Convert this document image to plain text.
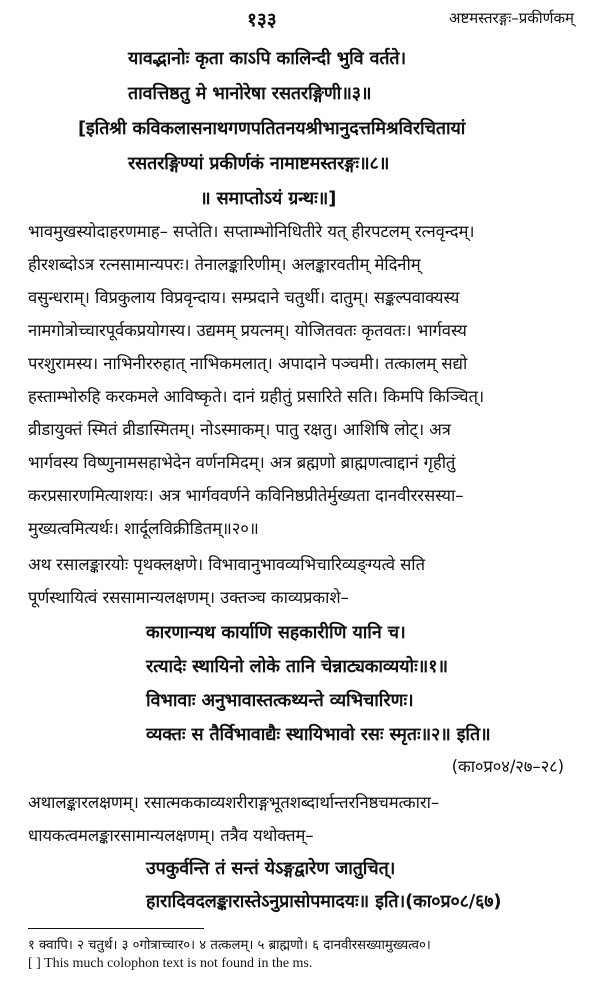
१३३	अष्टमस्तरङ्गः–प्रकीर्णकम्
यावद्भानोः कृता काऽपि कालिन्दी भुवि वर्तते।
तावत्तिष्ठतु मे भानोरेषा रसतरङ्गिणी॥३॥
[इतिश्री कविकलासनाथगणपतितनयश्रीभानुदत्तमिश्रविरचितायां
रसतरङ्गिण्यां प्रकीर्णकं नामाष्टमस्तरङ्गः॥८॥
॥ समाप्तोऽयं ग्रन्थः॥]
भावमुखस्योदाहरणमाह– सप्तेति। सप्ताम्भोनिधितीरे यत् हीरपटलम् रत्नवृन्दम्।
हीरशब्दोऽत्र रत्नसामान्यपरः। तेनालङ्कारिणीम्। अलङ्कारवतीम् मेदिनीम्
वसुन्धराम्। विप्रकुलाय विप्रवृन्दाय। सम्प्रदाने चतुर्थी। दातुम्। सङ्कल्पवाक्यस्य
नामगोत्रोच्चारपूर्वकप्रयोगस्य। उद्यमम् प्रयत्नम्। योजितवतः कृतवतः। भार्गवस्य
परशुरामस्य। नाभिनीररुहात् नाभिकमलात्। अपादाने पञ्चमी। तत्कालम् सद्यो
हस्ताम्भोरुहि करकमले आविष्कृते। दानं ग्रहीतुं प्रसारिते सति। किमपि किञ्चित्।
व्रीडायुक्तं स्मितं व्रीडास्मितम्। नोऽस्माकम्। पातु रक्षतु। आशिषि लोट्। अत्र
भार्गवस्य विष्णुनामसहाभेदेन वर्णनमिदम्। अत्र ब्रह्मणो ब्राह्मणत्वाद्दानं गृहीतुं
करप्रसारणमित्याशयः। अत्र भार्गववर्णने कविनिष्ठप्रीतेर्मुख्यता दानवीररसस्या–
मुख्यत्वमित्यर्थः। शार्दूलविक्रीडितम्॥२०॥
अथ रसालङ्कारयोः पृथक्लक्षणे। विभावानुभावव्यभिचारिव्यङ्ग्यत्वे सति
पूर्णस्थायित्वं रससामान्यलक्षणम्। उक्तञ्च काव्यप्रकाशे–
कारणान्यथ कार्याणि सहकारीणि यानि च।
रत्यादेः स्थायिनो लोके तानि चेन्नाट्यकाव्ययोः॥१॥
विभावाः अनुभावास्तत्कथ्यन्ते व्यभिचारिणः।
व्यक्तः स तैर्विभावाद्यैः स्थायिभावो रसः स्मृतः॥२॥ इति॥
(का०प्र०४/२७–२८)
अथालङ्कारलक्षणम्। रसात्मककाव्यशरीराङ्गभूतशब्दार्थान्तरनिष्ठचमत्कारा–
धायकत्वमलङ्कारसामान्यलक्षणम्। तत्रैव यथोक्तम्–
उपकुर्वन्ति तं सन्तं येऽङ्गद्वारेण जातुचित्।
हारादिवदलङ्कारास्तेऽनुप्रासोपमादयः॥ इति।(का०प्र०८/६७)
१ क्वापि। २ चतुर्थ। ३ ०गोत्राच्चार०। ४ तत्कलम्। ५ ब्राह्मणो। ६ दानवीरसख्यामुख्यत्व०।
[ ] This much colophon text is not found in the ms.
